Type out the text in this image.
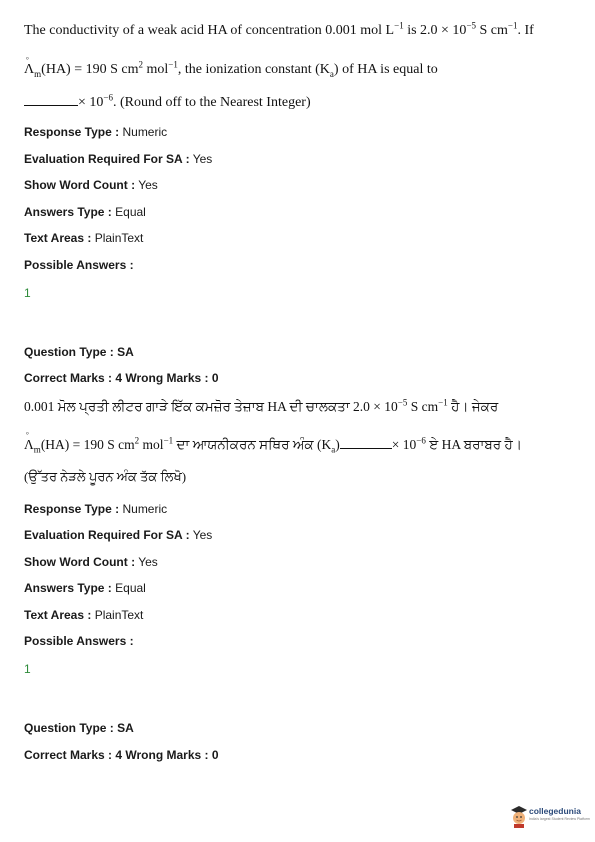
The conductivity of a weak acid HA of concentration 0.001 mol $L^{-1}$ is $2.0 \times 10^{-5}$ S $cm^{-1}$. If
°
$\Lambda_m(HA) = 190$ S $cm^2$ mol$^{-1}$, the ionization constant $(K_a)$ of HA is equal to
× $10^{-6}$. (Round off to the Nearest Integer)
Response Type : Numeric
Evaluation Required For SA : Yes
Show Word Count : Yes
Answers Type : Equal
Text Areas : PlainText
Possible Answers :
1
Question Type : SA
Correct Marks : 4 Wrong Marks : 0
0.001 ਮੋਲ ਪ੍ਰਤੀ ਲੀਟਰ ਗਾੜੇ ਇੱਕ ਕਮਜ਼ੋਰ ਤੇਜ਼ਾਬ HA ਦੀ ਚਾਲਕਤਾ $2.0 \times 10^{-5}$ S $cm^{-1}$ ਹੈ। ਜੇਕਰ
°
$\Lambda_m(HA) = 190$ S $cm^2$ mol$^{-1}$ ਦਾ ਆਯਨੀਕਰਨ ਸਥਿਰ ਅੰਕ $(K_a)$	× $10^{-6}$ ਏ HA ਬਰਾਬਰ ਹੈ।
(ਉੱਤਰ ਨੇੜਲੇ ਪੂਰਨ ਅੰਕ ਤੱਕ ਲਿਖੋ)
Response Type : Numeric
Evaluation Required For SA : Yes
Show Word Count : Yes
Answers Type : Equal
Text Areas : PlainText
Possible Answers :
1
Question Type : SA
Correct Marks : 4 Wrong Marks : 0
collegedunia
India's largest Student Review Platform
